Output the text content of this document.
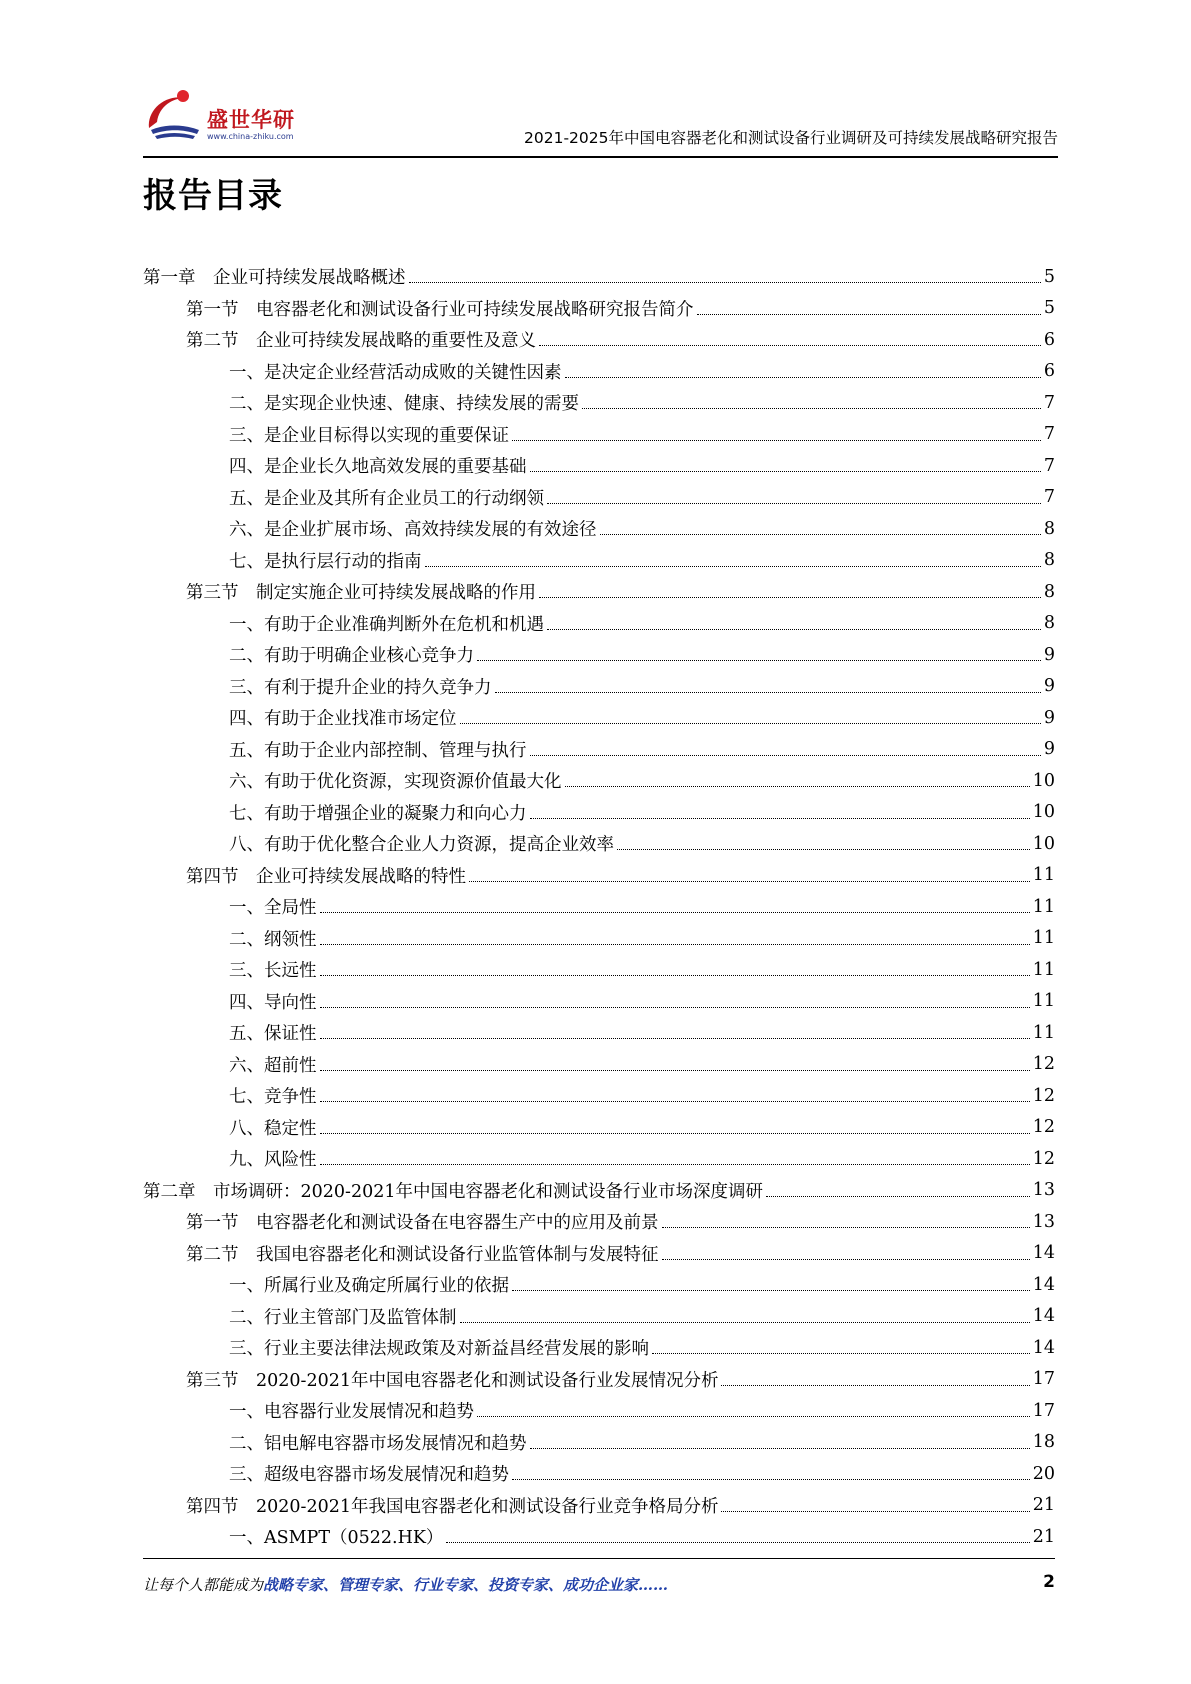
盛世华研
www.china-zhiku.com	2021-2025年中国电容器老化和测试设备行业调研及可持续发展战略研究报告
报告目录
第一章　企业可持续发展战略概述	5
第一节　电容器老化和测试设备行业可持续发展战略研究报告简介	5
第二节　企业可持续发展战略的重要性及意义	6
一、是决定企业经营活动成败的关键性因素	6
二、是实现企业快速、健康、持续发展的需要	7
三、是企业目标得以实现的重要保证	7
四、是企业长久地高效发展的重要基础	7
五、是企业及其所有企业员工的行动纲领	7
六、是企业扩展市场、高效持续发展的有效途径	8
七、是执行层行动的指南	8
第三节　制定实施企业可持续发展战略的作用	8
一、有助于企业准确判断外在危机和机遇	8
二、有助于明确企业核心竞争力	9
三、有利于提升企业的持久竞争力	9
四、有助于企业找准市场定位	9
五、有助于企业内部控制、管理与执行	9
六、有助于优化资源，实现资源价值最大化	10
七、有助于增强企业的凝聚力和向心力	10
八、有助于优化整合企业人力资源，提高企业效率	10
第四节　企业可持续发展战略的特性	11
一、全局性	11
二、纲领性	11
三、长远性	11
四、导向性	11
五、保证性	11
六、超前性	12
七、竞争性	12
八、稳定性	12
九、风险性	12
第二章　市场调研：2020-2021年中国电容器老化和测试设备行业市场深度调研	13
第一节　电容器老化和测试设备在电容器生产中的应用及前景	13
第二节　我国电容器老化和测试设备行业监管体制与发展特征	14
一、所属行业及确定所属行业的依据	14
二、行业主管部门及监管体制	14
三、行业主要法律法规政策及对新益昌经营发展的影响	14
第三节　2020-2021年中国电容器老化和测试设备行业发展情况分析	17
一、电容器行业发展情况和趋势	17
二、铝电解电容器市场发展情况和趋势	18
三、超级电容器市场发展情况和趋势	20
第四节　2020-2021年我国电容器老化和测试设备行业竞争格局分析	21
一、ASMPT（0522.HK）	21
让每个人都能成为战略专家、管理专家、行业专家、投资专家、成功企业家……	2
